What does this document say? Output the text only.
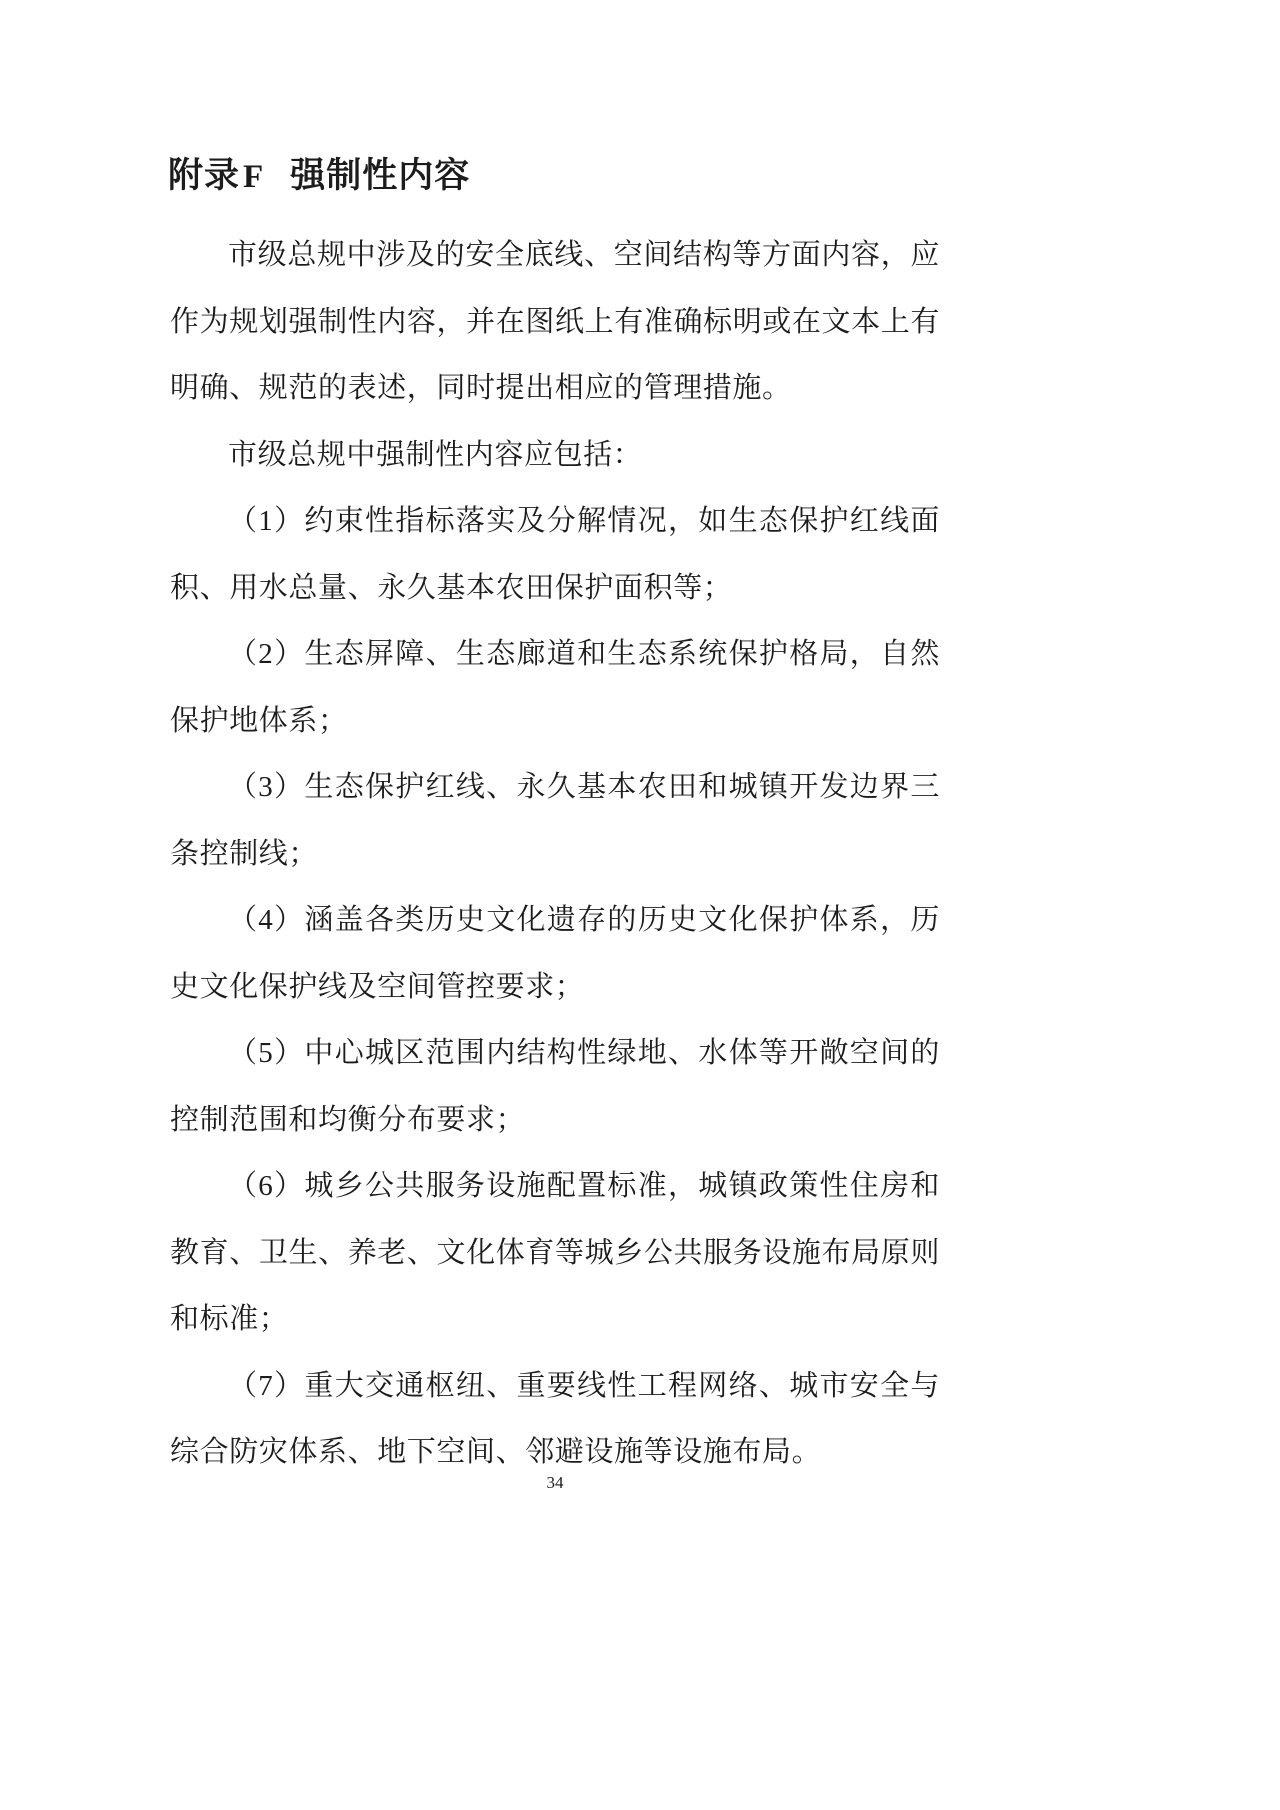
附录F 强制性内容
市级总规中涉及的安全底线、空间结构等方面内容，应
作为规划强制性内容，并在图纸上有准确标明或在文本上有
明确、规范的表述，同时提出相应的管理措施。
市级总规中强制性内容应包括：
（1）约束性指标落实及分解情况，如生态保护红线面
积、用水总量、永久基本农田保护面积等；
（2）生态屏障、生态廊道和生态系统保护格局，自然
保护地体系；
（3）生态保护红线、永久基本农田和城镇开发边界三
条控制线；
（4）涵盖各类历史文化遗存的历史文化保护体系，历
史文化保护线及空间管控要求；
（5）中心城区范围内结构性绿地、水体等开敞空间的
控制范围和均衡分布要求；
（6）城乡公共服务设施配置标准，城镇政策性住房和
教育、卫生、养老、文化体育等城乡公共服务设施布局原则
和标准；
（7）重大交通枢纽、重要线性工程网络、城市安全与
综合防灾体系、地下空间、邻避设施等设施布局。
34
